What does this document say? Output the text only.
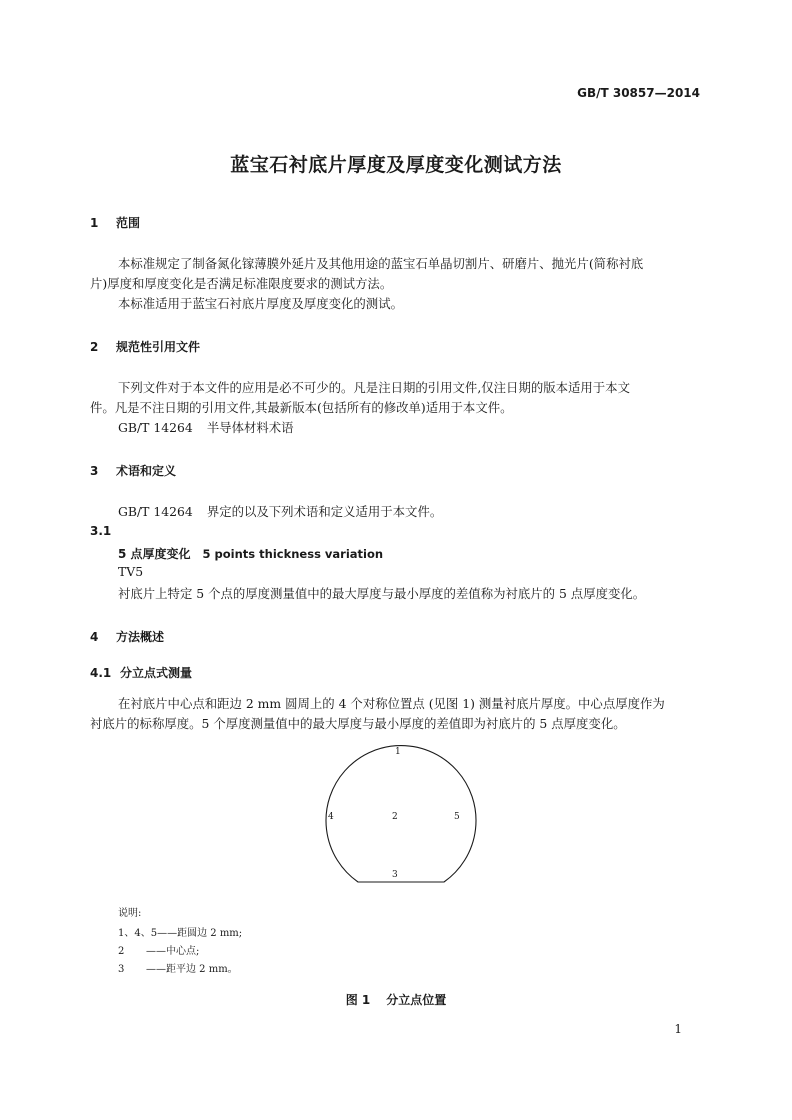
GB/T 30857—2014
蓝宝石衬底片厚度及厚度变化测试方法
1 范围
本标准规定了制备氮化镓薄膜外延片及其他用途的蓝宝石单晶切割片、研磨片、抛光片(简称衬底
片)厚度和厚度变化是否满足标准限度要求的测试方法。
本标准适用于蓝宝石衬底片厚度及厚度变化的测试。
2 规范性引用文件
下列文件对于本文件的应用是必不可少的。凡是注日期的引用文件,仅注日期的版本适用于本文
件。凡是不注日期的引用文件,其最新版本(包括所有的修改单)适用于本文件。
GB/T 14264 半导体材料术语
3 术语和定义
GB/T 14264 界定的以及下列术语和定义适用于本文件。
3.1
5 点厚度变化 5 points thickness variation
TV5
衬底片上特定 5 个点的厚度测量值中的最大厚度与最小厚度的差值称为衬底片的 5 点厚度变化。
4 方法概述
4.1 分立点式测量
在衬底片中心点和距边 2 mm 圆周上的 4 个对称位置点 (见图 1) 测量衬底片厚度。中心点厚度作为
衬底片的标称厚度。5 个厚度测量值中的最大厚度与最小厚度的差值即为衬底片的 5 点厚度变化。
1
2
3
4	5
说明:
1、4、5——距圆边 2 mm;
2 ——中心点;
3 ——距平边 2 mm。
图 1 分立点位置
1
